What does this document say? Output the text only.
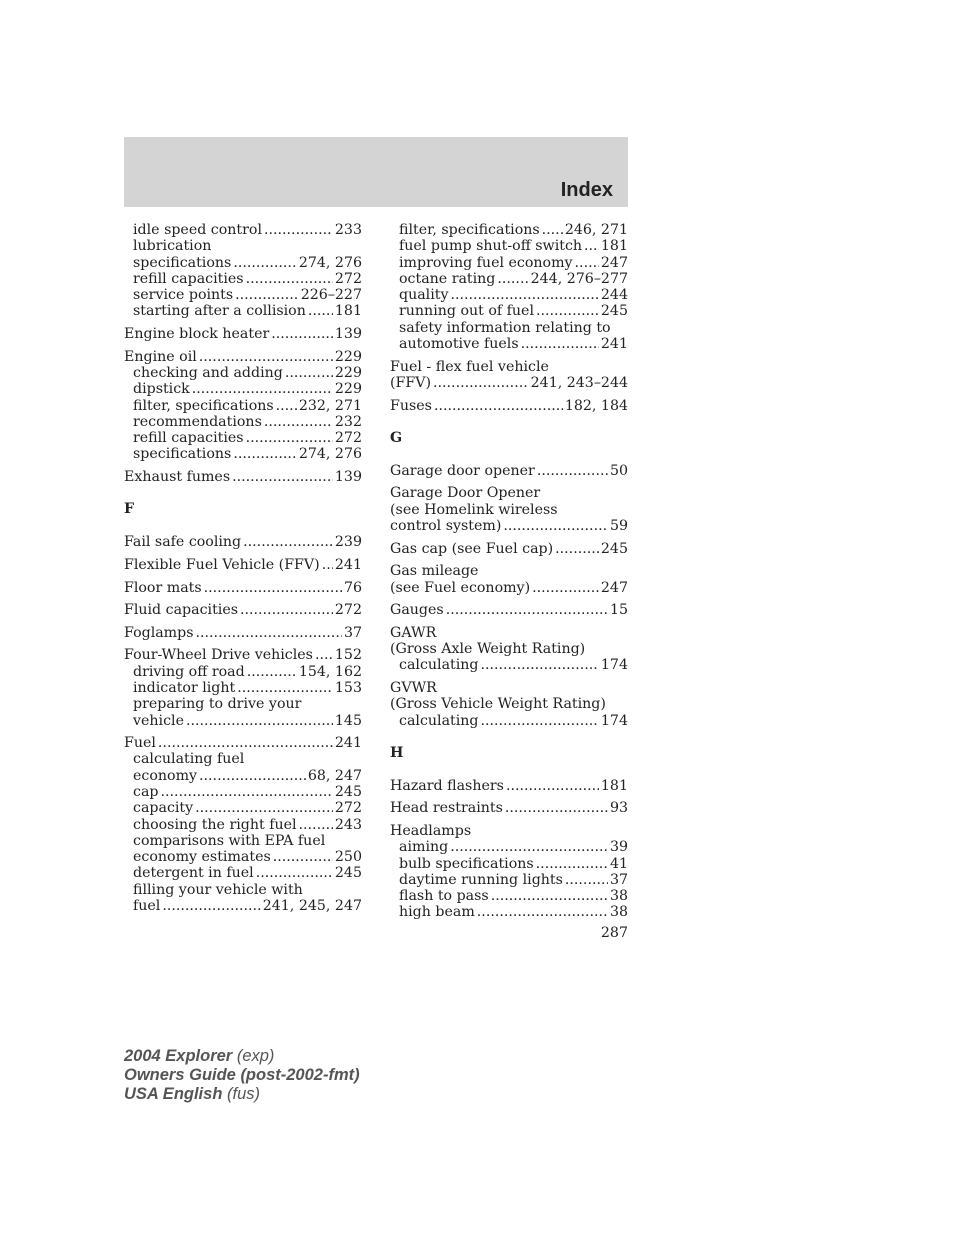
Index
idle speed control .....	233
lubrication
specifications .....	274, 276
refill capacities .....	272
service points .....	226–227
starting after a collision ..... 181
Engine block heater .....	139
Engine oil .....	229
checking and adding .....	229
dipstick .....	229
filter, specifications ..... 232, 271
recommendations .....	232
refill capacities .....	272
specifications .....	274, 276
Exhaust fumes .....	139
F
Fail safe cooling .....	239
Flexible Fuel Vehicle (FFV) ..... 241
Floor mats .....	76
Fluid capacities .....	272
Foglamps .....	37
Four-Wheel Drive vehicles ..... 152
driving off road .....	154, 162
indicator light .....	153
preparing to drive your
vehicle .....	145
Fuel .....	241
calculating fuel
economy .....	68, 247
cap .....	245
capacity .....	272
choosing the right fuel .....	243
comparisons with EPA fuel
economy estimates .....	250
detergent in fuel .....	245
filling your vehicle with
fuel .....	241, 245, 247
filter, specifications ..... 246, 271
fuel pump shut-off switch ..... 181
improving fuel economy ..... 247
octane rating ..... 244, 276–277
quality .....	244
running out of fuel .....	245
safety information relating to
automotive fuels .....	241
Fuel - flex fuel vehicle
(FFV) .....	241, 243–244
Fuses .....	182, 184
G
Garage door opener .....	50
Garage Door Opener
(see Homelink wireless
control system) .....	59
Gas cap (see Fuel cap) .....	245
Gas mileage
(see Fuel economy) .....	247
Gauges .....	15
GAWR
(Gross Axle Weight Rating)
calculating .....	174
GVWR
(Gross Vehicle Weight Rating)
calculating .....	174
H
Hazard flashers .....	181
Head restraints .....	93
Headlamps
aiming .....	39
bulb specifications .....	41
daytime running lights .....	37
flash to pass .....	38
high beam .....	38
287
2004 Explorer (exp)
Owners Guide (post-2002-fmt)
USA English (fus)
